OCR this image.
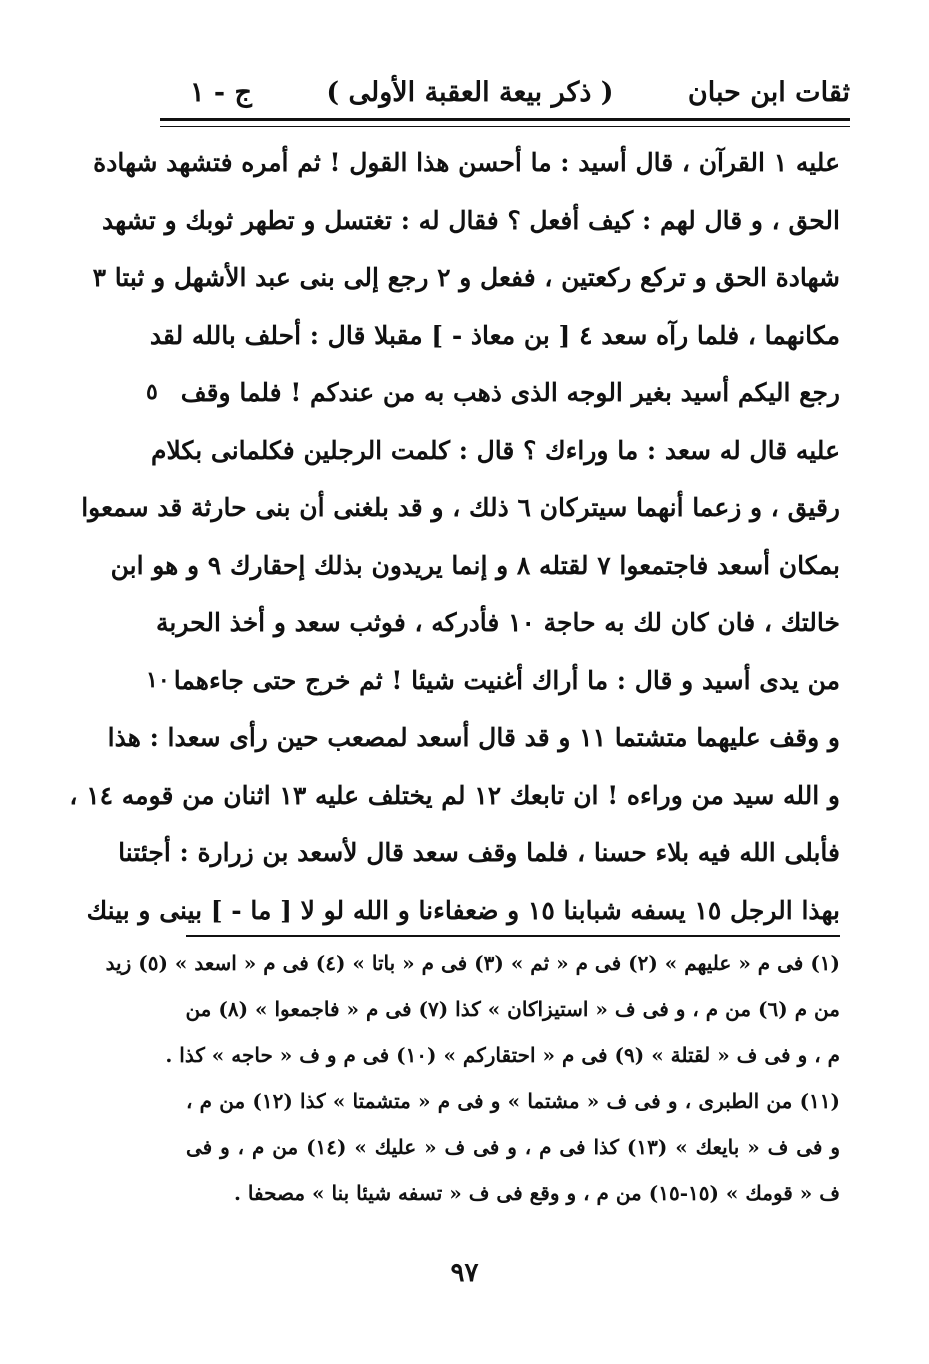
ثقات ابن حبان
( ذكر بيعة العقبة الأولى )
ج - ١
عليه ١ القرآن ، قال أسيد : ما أحسن هذا القول ! ثم أمره فتشهد شهادة
الحق ، و قال لهم : كيف أفعل ؟ فقال له : تغتسل و تطهر ثوبك و تشهد
شهادة الحق و تركع ركعتين ، ففعل و ٢ رجع إلى بنى عبد الأشهل و ثبتا ٣
مكانهما ، فلما رآه سعد ٤ [ بن معاذ - ] مقبلا قال : أحلف بالله لقد
رجع اليكم أسيد بغير الوجه الذى ذهب به من عندكم ! فلما وقف
٥
عليه قال له سعد : ما وراءك ؟ قال : كلمت الرجلين فكلمانى بكلام
رقيق ، و زعما أنهما سيتركان ٦ ذلك ، و قد بلغنى أن بنى حارثة قد سمعوا
بمكان أسعد فاجتمعوا ٧ لقتله ٨ و إنما يريدون بذلك إحقارك ٩ و هو ابن
خالتك ، فان كان لك به حاجة ١٠ فأدركه ، فوثب سعد و أخذ الحربة
من يدى أسيد و قال : ما أراك أغنيت شيئا ! ثم خرج حتى جاءهما
١٠
و وقف عليهما متشتما ١١ و قد قال أسعد لمصعب حين رأى سعدا : هذا
و الله سيد من وراءه ! ان تابعك ١٢ لم يختلف عليه ١٣ اثنان من قومه ١٤ ،
فأبلى الله فيه بلاء حسنا ، فلما وقف سعد قال لأسعد بن زرارة : أجئتنا
بهذا الرجل ١٥ يسفه شبابنا ١٥ و ضعفاءنا و الله لو لا [ ما - ] بينى و بينك
(١) فى م « عليهم » (٢) فى م « ثم » (٣) فى م « باتا » (٤) فى م « اسعد » (٥) زيد
من م (٦) من م ، و فى ف « استيزاكان » كذا (٧) فى م « فاجمعوا » (٨) من
م ، و فى ف « لقتلة » (٩) فى م « احتقاركم » (١٠) فى م و ف « حاجه » كذا .
(١١) من الطبرى ، و فى ف « مشتما » و فى م « متشمتا » كذا (١٢) من م ،
و فى ف « بايعك » (١٣) كذا فى م ، و فى ف « عليك » (١٤) من م ، و فى
ف « قومك » (١٥-١٥) من م ، و وقع فى ف « تسفه شيئا بنا » مصحفا .
٩٧
